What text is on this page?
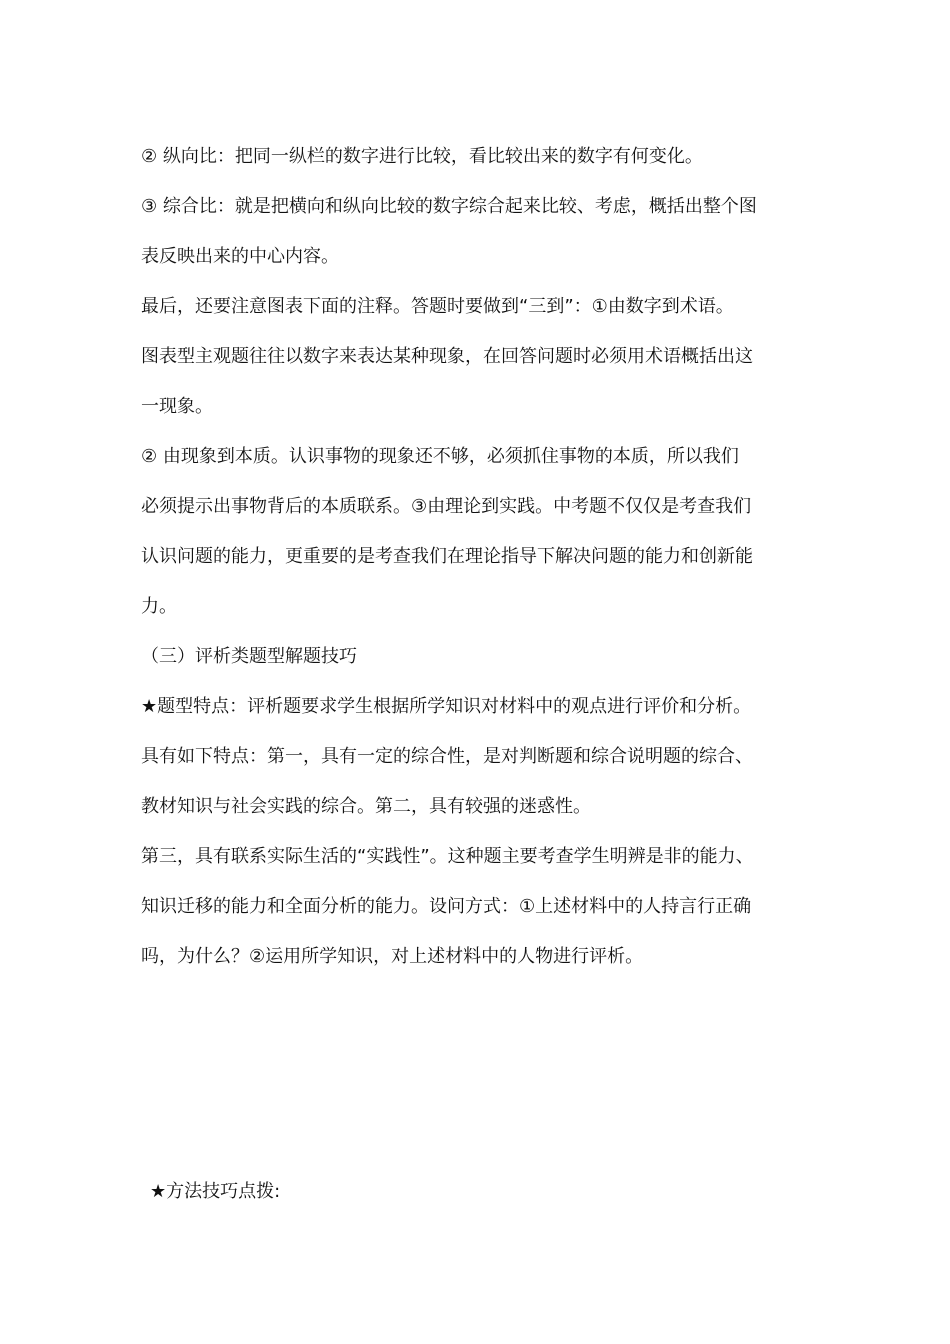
② 纵向比：把同一纵栏的数字进行比较，看比较出来的数字有何变化。
③ 综合比：就是把横向和纵向比较的数字综合起来比较、考虑，概括出整个图
表反映出来的中心内容。
最后，还要注意图表下面的注释。答题时要做到“三到”：①由数字到术语。
图表型主观题往往以数字来表达某种现象，在回答问题时必须用术语概括出这
一现象。
② 由现象到本质。认识事物的现象还不够，必须抓住事物的本质，所以我们
必须提示出事物背后的本质联系。③由理论到实践。中考题不仅仅是考查我们
认识问题的能力，更重要的是考查我们在理论指导下解决问题的能力和创新能
力。
（三）评析类题型解题技巧
★题型特点：评析题要求学生根据所学知识对材料中的观点进行评价和分析。
具有如下特点：第一，具有一定的综合性，是对判断题和综合说明题的综合、
教材知识与社会实践的综合。第二，具有较强的迷惑性。
第三，具有联系实际生活的“实践性”。这种题主要考查学生明辨是非的能力、
知识迁移的能力和全面分析的能力。设问方式：①上述材料中的人持言行正确
吗，为什么？②运用所学知识，对上述材料中的人物进行评析。
★方法技巧点拨:
